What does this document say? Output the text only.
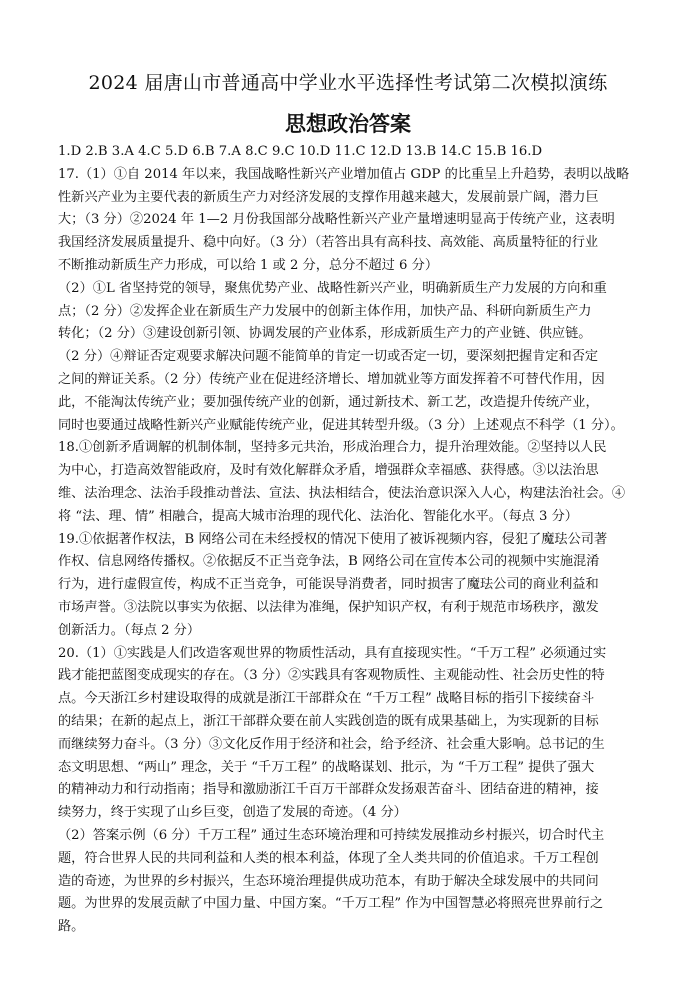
2024 届唐山市普通高中学业水平选择性考试第二次模拟演练
思想政治答案
1.D 2.B 3.A 4.C 5.D 6.B 7.A 8.C 9.C 10.D 11.C 12.D 13.B 14.C 15.B 16.D
17.（1）①自 2014 年以来，我国战略性新兴产业增加值占 GDP 的比重呈上升趋势，表明以战略
性新兴产业为主要代表的新质生产力对经济发展的支撑作用越来越大，发展前景广阔，潜力巨
大；（3 分）②2024 年 1—2 月份我国部分战略性新兴产业产量增速明显高于传统产业，这表明
我国经济发展质量提升、稳中向好。（3 分）（若答出具有高科技、高效能、高质量特征的行业
不断推动新质生产力形成，可以给 1 或 2 分，总分不超过 6 分）
（2）①L 省坚持党的领导，聚焦优势产业、战略性新兴产业，明确新质生产力发展的方向和重
点；（2 分）②发挥企业在新质生产力发展中的创新主体作用，加快产品、科研向新质生产力
转化；（2 分）③建设创新引领、协调发展的产业体系，形成新质生产力的产业链、供应链。
（2 分）④辩证否定观要求解决问题不能简单的肯定一切或否定一切，要深刻把握肯定和否定
之间的辩证关系。（2 分）传统产业在促进经济增长、增加就业等方面发挥着不可替代作用，因
此，不能淘汰传统产业；要加强传统产业的创新，通过新技术、新工艺，改造提升传统产业，
同时也要通过战略性新兴产业赋能传统产业，促进其转型升级。（3 分）上述观点不科学（1 分）。
18.①创新矛盾调解的机制体制，坚持多元共治，形成治理合力，提升治理效能。②坚持以人民
为中心，打造高效智能政府，及时有效化解群众矛盾，增强群众幸福感、获得感。③以法治思
维、法治理念、法治手段推动普法、宣法、执法相结合，使法治意识深入人心，构建法治社会。④
将 “法、理、情” 相融合，提高大城市治理的现代化、法治化、智能化水平。（每点 3 分）
19.①依据著作权法，B 网络公司在未经授权的情况下使用了被诉视频内容，侵犯了魔珐公司著
作权、信息网络传播权。②依据反不正当竞争法，B 网络公司在宣传本公司的视频中实施混淆
行为，进行虚假宣传，构成不正当竞争，可能误导消费者，同时损害了魔珐公司的商业利益和
市场声誉。③法院以事实为依据、以法律为准绳，保护知识产权，有利于规范市场秩序，激发
创新活力。（每点 2 分）
20.（1）①实践是人们改造客观世界的物质性活动，具有直接现实性。“千万工程” 必须通过实
践才能把蓝图变成现实的存在。（3 分）②实践具有客观物质性、主观能动性、社会历史性的特
点。今天浙江乡村建设取得的成就是浙江干部群众在 “千万工程” 战略目标的指引下接续奋斗
的结果；在新的起点上，浙江干部群众要在前人实践创造的既有成果基础上，为实现新的目标
而继续努力奋斗。（3 分）③文化反作用于经济和社会，给予经济、社会重大影响。总书记的生
态文明思想、“两山” 理念，关于 “千万工程” 的战略谋划、批示，为 “千万工程” 提供了强大
的精神动力和行动指南；指导和激励浙江千百万干部群众发扬艰苦奋斗、团结奋进的精神，接
续努力，终于实现了山乡巨变，创造了发展的奇迹。（4 分）
（2）答案示例（6 分）千万工程” 通过生态环境治理和可持续发展推动乡村振兴，切合时代主
题，符合世界人民的共同利益和人类的根本利益，体现了全人类共同的价值追求。千万工程创
造的奇迹，为世界的乡村振兴，生态环境治理提供成功范本，有助于解决全球发展中的共同问
题。为世界的发展贡献了中国力量、中国方案。“千万工程” 作为中国智慧必将照亮世界前行之
路。
